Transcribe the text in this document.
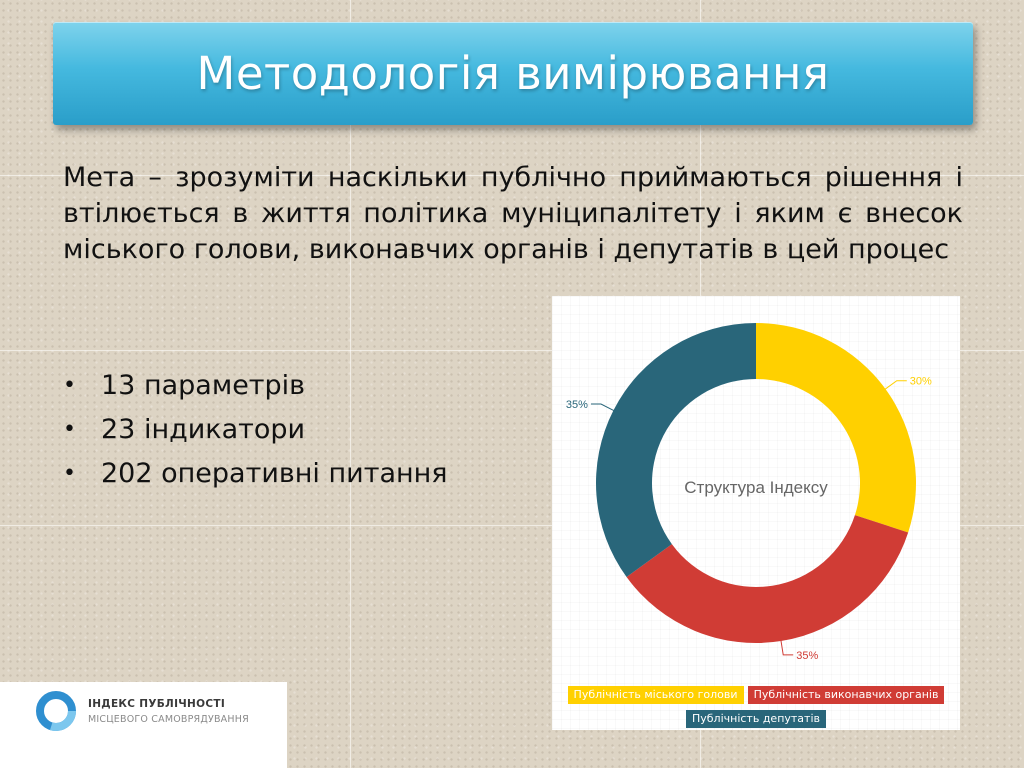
Методологія вимірювання
Мета – зрозуміти наскільки публічно приймаються рішення і втілюється в життя політика муніципалітету і яким є внесок міського голови, виконавчих органів і депутатів в цей процес
• 13 параметрів
• 23 індикатори
• 202 оперативні питання
30%
35%
35%
Структура Індексу
Публічність міського голови	Публічність виконавчих органів
Публічність депутатів
ІНДЕКС ПУБЛІЧНОСТІ
МІСЦЕВОГО САМОВРЯДУВАННЯ
